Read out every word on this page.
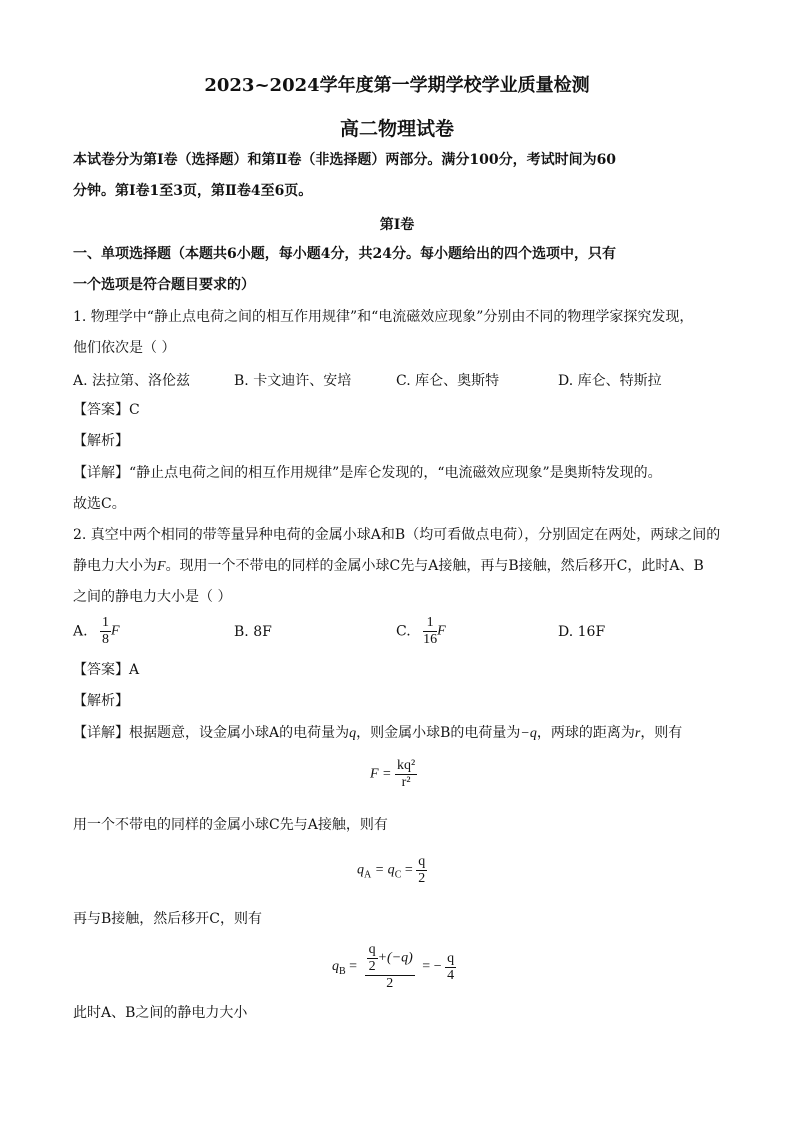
2023~2024学年度第一学期学校学业质量检测
高二物理试卷
本试卷分为第Ⅰ卷（选择题）和第Ⅱ卷（非选择题）两部分。满分100分，考试时间为60
分钟。第Ⅰ卷1至3页，第Ⅱ卷4至6页。
第Ⅰ卷
一、单项选择题（本题共6小题，每小题4分，共24分。每小题给出的四个选项中，只有
一个选项是符合题目要求的）
1. 物理学中“静止点电荷之间的相互作用规律”和“电流磁效应现象”分别由不同的物理学家探究发现，
他们依次是（ ）
A. 法拉第、洛伦兹	B. 卡文迪许、安培	C. 库仑、奥斯特	D. 库仑、特斯拉
【答案】C
【解析】
【详解】“静止点电荷之间的相互作用规律”是库仑发现的，“电流磁效应现象”是奥斯特发现的。
故选C。
2. 真空中两个相同的带等量异种电荷的金属小球A和B（均可看做点电荷），分别固定在两处，两球之间的
静电力大小为F。现用一个不带电的同样的金属小球C先与A接触，再与B接触，然后移开C，此时A、B
之间的静电力大小是（ ）
A. $\frac{1}{8}$ F	B. 8F	C. $\frac{1}{16}$ F	D. 16F
【答案】A
【解析】
【详解】根据题意，设金属小球A的电荷量为q，则金属小球B的电荷量为−q，两球的距离为r，则有
$F = \frac{\text{kq²}}{\text{r²}}$
用一个不带电的同样的金属小球C先与A接触，则有
$q_A = q_C = \frac{q}{2}$
再与B接触，然后移开C，则有
$q_B = \frac{\frac{q}{2} +(-q)}{2}$ = − $\frac{q}{4}$
此时A、B之间的静电力大小
